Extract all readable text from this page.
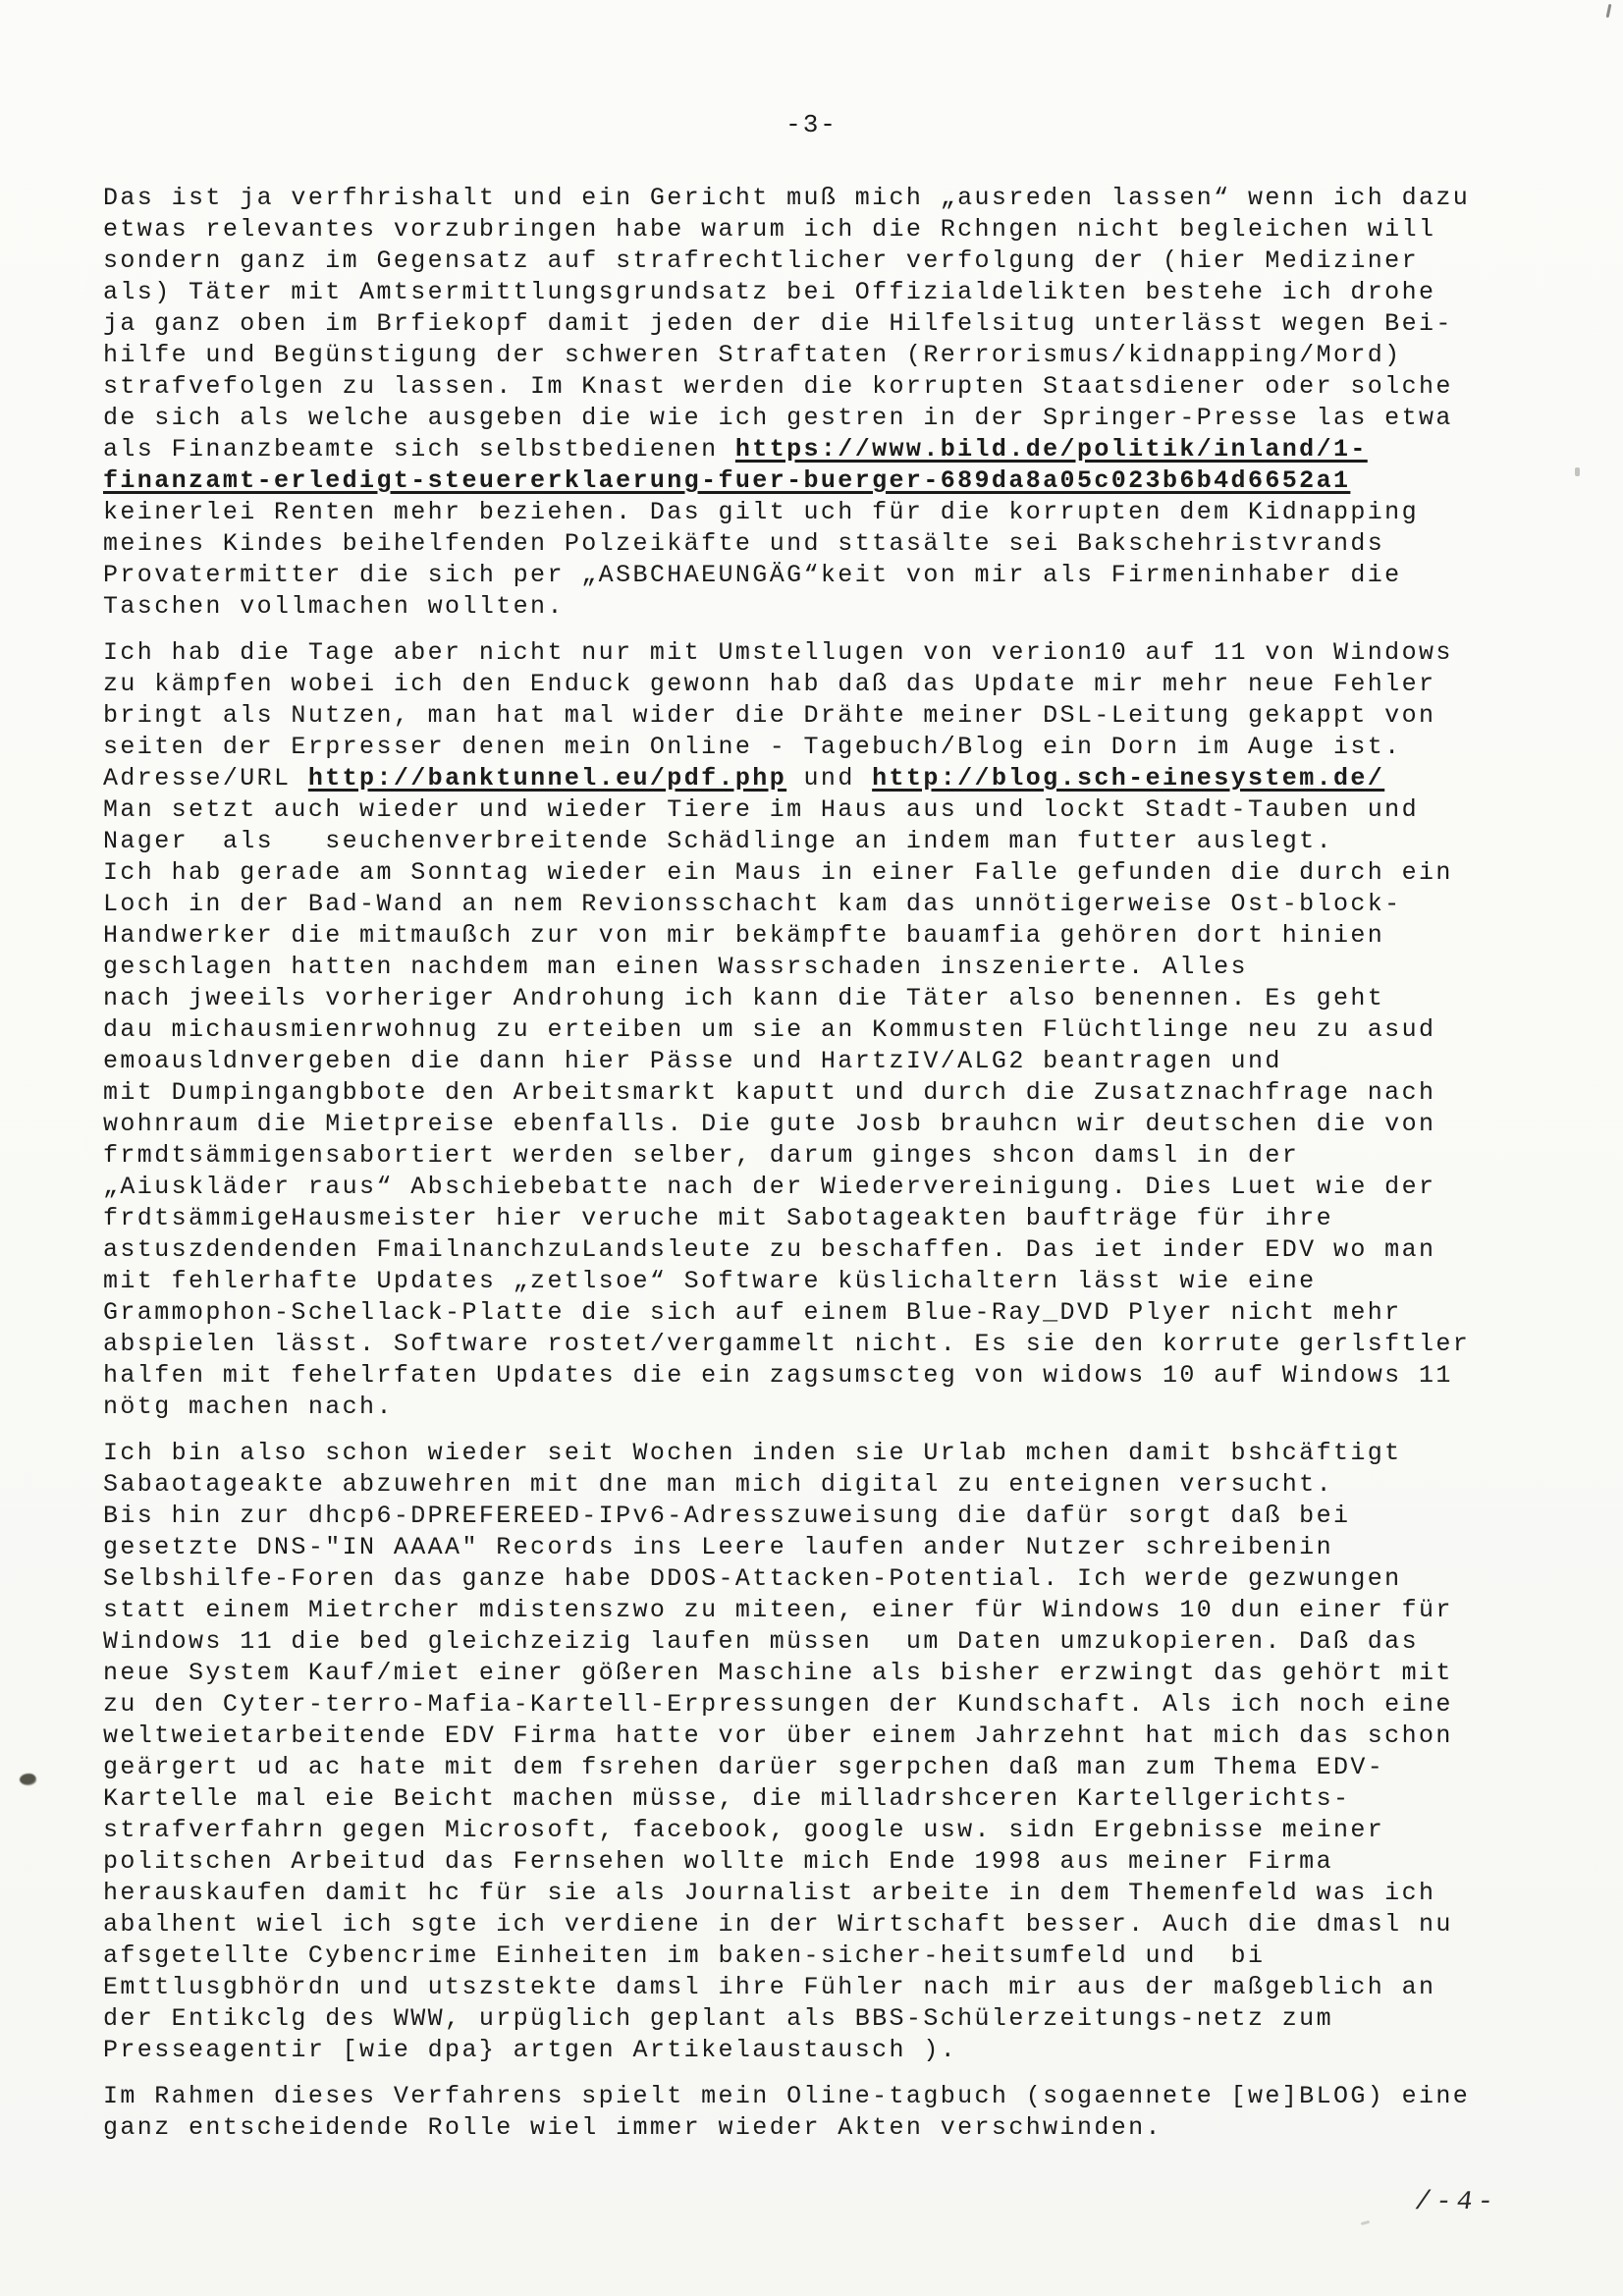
-3-
Das ist ja verfhrishalt und ein Gericht muß mich „ausreden lassen“ wenn ich dazu
etwas relevantes vorzubringen habe warum ich die Rchngen nicht begleichen will
sondern ganz im Gegensatz auf strafrechtlicher verfolgung der (hier Mediziner
als) Täter mit Amtsermittlungsgrundsatz bei Offizialdelikten bestehe ich drohe
ja ganz oben im Brfiekopf damit jeden der die Hilfelsitug unterlässt wegen Bei-
hilfe und Begünstigung der schweren Straftaten (Rerrorismus/kidnapping/Mord)
strafvefolgen zu lassen. Im Knast werden die korrupten Staatsdiener oder solche
de sich als welche ausgeben die wie ich gestren in der Springer-Presse las etwa
als Finanzbeamte sich selbstbedienen https://www.bild.de/politik/inland/1-
finanzamt-erledigt-steuererklaerung-fuer-buerger-689da8a05c023b6b4d6652a1
keinerlei Renten mehr beziehen. Das gilt uch für die korrupten dem Kidnapping
meines Kindes beihelfenden Polzeikäfte und sttasälte sei Bakschehristvrands
Provatermitter die sich per „ASBCHAEUNGÄG“keit von mir als Firmeninhaber die
Taschen vollmachen wollten.
Ich hab die Tage aber nicht nur mit Umstellugen von verion10 auf 11 von Windows
zu kämpfen wobei ich den Enduck gewonn hab daß das Update mir mehr neue Fehler
bringt als Nutzen, man hat mal wider die Drähte meiner DSL-Leitung gekappt von
seiten der Erpresser denen mein Online - Tagebuch/Blog ein Dorn im Auge ist.
Adresse/URL http://banktunnel.eu/pdf.php und http://blog.sch-einesystem.de/
Man setzt auch wieder und wieder Tiere im Haus aus und lockt Stadt-Tauben und
Nager  als   seuchenverbreitende Schädlinge an indem man futter auslegt.
Ich hab gerade am Sonntag wieder ein Maus in einer Falle gefunden die durch ein
Loch in der Bad-Wand an nem Revionsschacht kam das unnötigerweise Ost-block-
Handwerker die mitmaußch zur von mir bekämpfte bauamfia gehören dort hinien
geschlagen hatten nachdem man einen Wassrschaden inszenierte. Alles
nach jweeils vorheriger Androhung ich kann die Täter also benennen. Es geht
dau michausmienrwohnug zu erteiben um sie an Kommusten Flüchtlinge neu zu asud
emoausldnvergeben die dann hier Pässe und HartzIV/ALG2 beantragen und
mit Dumpingangbbote den Arbeitsmarkt kaputt und durch die Zusatznachfrage nach
wohnraum die Mietpreise ebenfalls. Die gute Josb brauhcn wir deutschen die von
frmdtsämmigensabortiert werden selber, darum ginges shcon damsl in der
„Aiuskläder raus“ Abschiebebatte nach der Wiedervereinigung. Dies Luet wie der
frdtsämmigeHausmeister hier veruche mit Sabotageakten baufträge für ihre
astuszdendenden FmailnanchzuLandsleute zu beschaffen. Das iet inder EDV wo man
mit fehlerhafte Updates „zetlsoe“ Software küslichaltern lässt wie eine
Grammophon-Schellack-Platte die sich auf einem Blue-Ray_DVD Plyer nicht mehr
abspielen lässt. Software rostet/vergammelt nicht. Es sie den korrute gerlsftler
halfen mit fehelrfaten Updates die ein zagsumscteg von widows 10 auf Windows 11
nötg machen nach.
Ich bin also schon wieder seit Wochen inden sie Urlab mchen damit bshcäftigt
Sabaotageakte abzuwehren mit dne man mich digital zu enteignen versucht.
Bis hin zur dhcp6-DPREFEREED-IPv6-Adresszuweisung die dafür sorgt daß bei
gesetzte DNS-"IN AAAA" Records ins Leere laufen ander Nutzer schreibenin
Selbshilfe-Foren das ganze habe DDOS-Attacken-Potential. Ich werde gezwungen
statt einem Mietrcher mdistenszwo zu miteen, einer für Windows 10 dun einer für
Windows 11 die bed gleichzeizig laufen müssen  um Daten umzukopieren. Daß das
neue System Kauf/miet einer gößeren Maschine als bisher erzwingt das gehört mit
zu den Cyter-terro-Mafia-Kartell-Erpressungen der Kundschaft. Als ich noch eine
weltweietarbeitende EDV Firma hatte vor über einem Jahrzehnt hat mich das schon
geärgert ud ac hate mit dem fsrehen darüer sgerpchen daß man zum Thema EDV-
Kartelle mal eie Beicht machen müsse, die milladrshceren Kartellgerichts-
strafverfahrn gegen Microsoft, facebook, google usw. sidn Ergebnisse meiner
politschen Arbeitud das Fernsehen wollte mich Ende 1998 aus meiner Firma
herauskaufen damit hc für sie als Journalist arbeite in dem Themenfeld was ich
abalhent wiel ich sgte ich verdiene in der Wirtschaft besser. Auch die dmasl nu
afsgetellte Cybencrime Einheiten im baken-sicher-heitsumfeld und  bi
Emttlusgbhördn und utszstekte damsl ihre Fühler nach mir aus der maßgeblich an
der Entikclg des WWW, urpüglich geplant als BBS-Schülerzeitungs-netz zum
Presseagentir [wie dpa} artgen Artikelaustausch ).
Im Rahmen dieses Verfahrens spielt mein Oline-tagbuch (sogaennete [we]BLOG) eine
ganz entscheidende Rolle wiel immer wieder Akten verschwinden.
/-4-
